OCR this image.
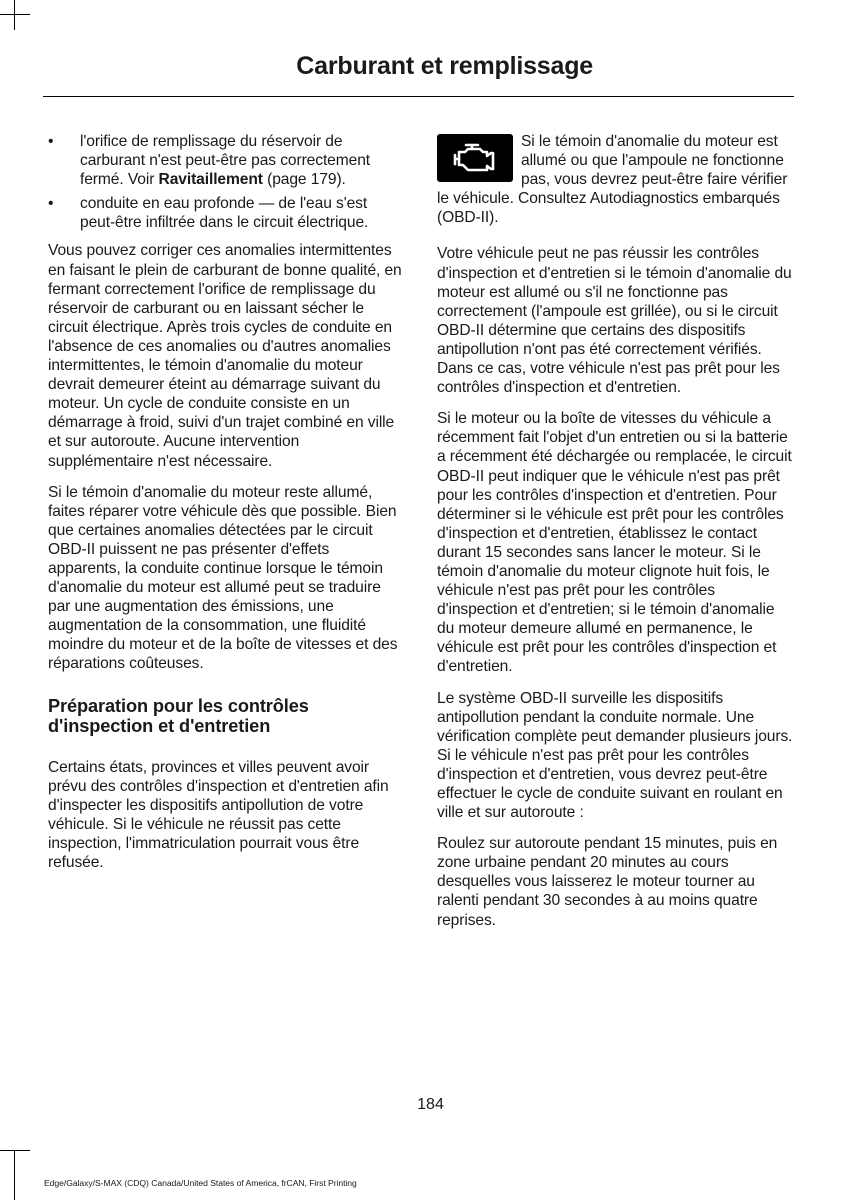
Carburant et remplissage
• l'orifice de remplissage du réservoir de carburant n'est peut-être pas correctement fermé. Voir Ravitaillement (page 179).
• conduite en eau profonde — de l'eau s'est peut-être infiltrée dans le circuit électrique.

Vous pouvez corriger ces anomalies intermittentes en faisant le plein de carburant de bonne qualité, en fermant correctement l'orifice de remplissage du réservoir de carburant ou en laissant sécher le circuit électrique. Après trois cycles de conduite en l'absence de ces anomalies ou d'autres anomalies intermittentes, le témoin d'anomalie du moteur devrait demeurer éteint au démarrage suivant du moteur. Un cycle de conduite consiste en un démarrage à froid, suivi d'un trajet combiné en ville et sur autoroute. Aucune intervention supplémentaire n'est nécessaire.

Si le témoin d'anomalie du moteur reste allumé, faites réparer votre véhicule dès que possible. Bien que certaines anomalies détectées par le circuit OBD-II puissent ne pas présenter d'effets apparents, la conduite continue lorsque le témoin d'anomalie du moteur est allumé peut se traduire par une augmentation des émissions, une augmentation de la consommation, une fluidité moindre du moteur et de la boîte de vitesses et des réparations coûteuses.

Préparation pour les contrôles d'inspection et d'entretien

Certains états, provinces et villes peuvent avoir prévu des contrôles d'inspection et d'entretien afin d'inspecter les dispositifs antipollution de votre véhicule. Si le véhicule ne réussit pas cette inspection, l'immatriculation pourrait vous être refusée.

Si le témoin d'anomalie du moteur est allumé ou que l'ampoule ne fonctionne pas, vous devrez peut-être faire vérifier le véhicule. Consultez Autodiagnostics embarqués (OBD-II).

Votre véhicule peut ne pas réussir les contrôles d'inspection et d'entretien si le témoin d'anomalie du moteur est allumé ou s'il ne fonctionne pas correctement (l'ampoule est grillée), ou si le circuit OBD-II détermine que certains des dispositifs antipollution n'ont pas été correctement vérifiés. Dans ce cas, votre véhicule n'est pas prêt pour les contrôles d'inspection et d'entretien.

Si le moteur ou la boîte de vitesses du véhicule a récemment fait l'objet d'un entretien ou si la batterie a récemment été déchargée ou remplacée, le circuit OBD-II peut indiquer que le véhicule n'est pas prêt pour les contrôles d'inspection et d'entretien. Pour déterminer si le véhicule est prêt pour les contrôles d'inspection et d'entretien, établissez le contact durant 15 secondes sans lancer le moteur. Si le témoin d'anomalie du moteur clignote huit fois, le véhicule n'est pas prêt pour les contrôles d'inspection et d'entretien; si le témoin d'anomalie du moteur demeure allumé en permanence, le véhicule est prêt pour les contrôles d'inspection et d'entretien.

Le système OBD-II surveille les dispositifs antipollution pendant la conduite normale. Une vérification complète peut demander plusieurs jours. Si le véhicule n'est pas prêt pour les contrôles d'inspection et d'entretien, vous devrez peut-être effectuer le cycle de conduite suivant en roulant en ville et sur autoroute :

Roulez sur autoroute pendant 15 minutes, puis en zone urbaine pendant 20 minutes au cours desquelles vous laisserez le moteur tourner au ralenti pendant 30 secondes à au moins quatre reprises.

184
Edge/Galaxy/S-MAX (CDQ) Canada/United States of America, frCAN, First Printing
